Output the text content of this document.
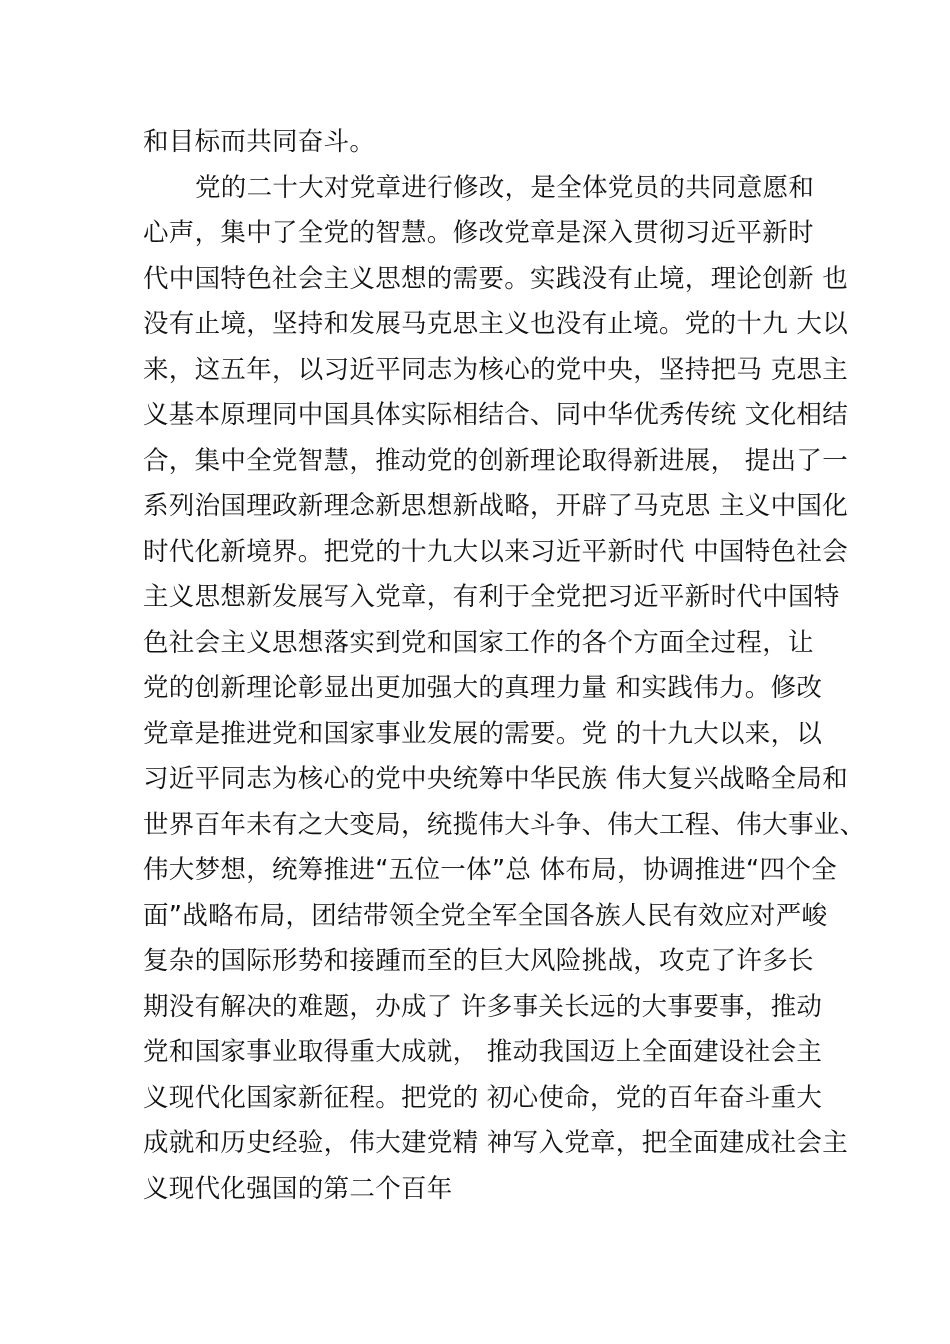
和目标而共同奋斗。
党的二十大对党章进行修改，是全体党员的共同意愿和
心声，集中了全党的智慧。修改党章是深入贯彻习近平新时
代中国特色社会主义思想的需要。实践没有止境，理论创新 也
没有止境，坚持和发展马克思主义也没有止境。党的十九 大以
来，这五年，以习近平同志为核心的党中央，坚持把马 克思主
义基本原理同中国具体实际相结合、同中华优秀传统 文化相结
合，集中全党智慧，推动党的创新理论取得新进展， 提出了一
系列治国理政新理念新思想新战略，开辟了马克思 主义中国化
时代化新境界。把党的十九大以来习近平新时代 中国特色社会
主义思想新发展写入党章，有利于全党把习近平新时代中国特
色社会主义思想落实到党和国家工作的各个方面全过程，让
党的创新理论彰显出更加强大的真理力量 和实践伟力。修改
党章是推进党和国家事业发展的需要。党 的十九大以来，以
习近平同志为核心的党中央统筹中华民族 伟大复兴战略全局和
世界百年未有之大变局，统揽伟大斗争、伟大工程、伟大事业、
伟大梦想，统筹推进“五位一体”总 体布局，协调推进“四个全
面”战略布局，团结带领全党全军全国各族人民有效应对严峻
复杂的国际形势和接踵而至的巨大风险挑战，攻克了许多长
期没有解决的难题，办成了 许多事关长远的大事要事，推动
党和国家事业取得重大成就， 推动我国迈上全面建设社会主
义现代化国家新征程。把党的 初心使命，党的百年奋斗重大
成就和历史经验，伟大建党精 神写入党章，把全面建成社会主
义现代化强国的第二个百年
